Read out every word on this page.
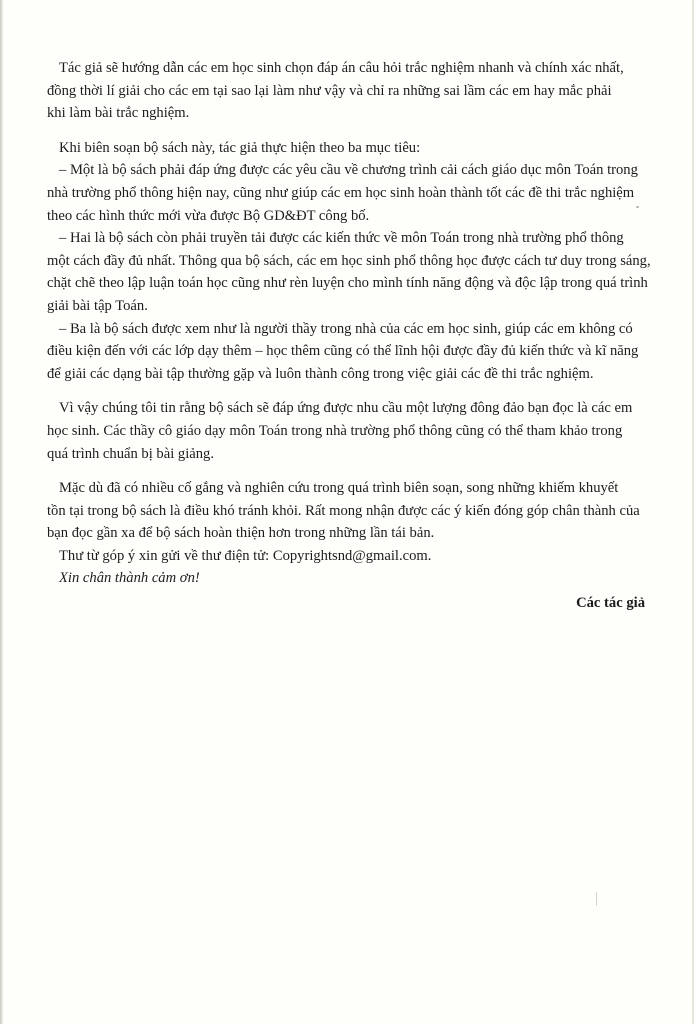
Tác giả sẽ hướng dẫn các em học sinh chọn đáp án câu hỏi trắc nghiệm nhanh và chính xác nhất,
đồng thời lí giải cho các em tại sao lại làm như vậy và chỉ ra những sai lầm các em hay mắc phải
khi làm bài trắc nghiệm.

Khi biên soạn bộ sách này, tác giả thực hiện theo ba mục tiêu:

– Một là bộ sách phải đáp ứng được các yêu cầu về chương trình cải cách giáo dục môn Toán trong
nhà trường phổ thông hiện nay, cũng như giúp các em học sinh hoàn thành tốt các đề thi trắc nghiệm
theo các hình thức mới vừa được Bộ GD&ĐT công bố.

– Hai là bộ sách còn phải truyền tải được các kiến thức về môn Toán trong nhà trường phổ thông
một cách đầy đủ nhất. Thông qua bộ sách, các em học sinh phổ thông học được cách tư duy trong sáng,
chặt chẽ theo lập luận toán học cũng như rèn luyện cho mình tính năng động và độc lập trong quá trình
giải bài tập Toán.

– Ba là bộ sách được xem như là người thầy trong nhà của các em học sinh, giúp các em không có
điều kiện đến với các lớp dạy thêm – học thêm cũng có thể lĩnh hội được đầy đủ kiến thức và kĩ năng
để giải các dạng bài tập thường gặp và luôn thành công trong việc giải các đề thi trắc nghiệm.

Vì vậy chúng tôi tin rằng bộ sách sẽ đáp ứng được nhu cầu một lượng đông đảo bạn đọc là các em
học sinh. Các thầy cô giáo dạy môn Toán trong nhà trường phổ thông cũng có thể tham khảo trong
quá trình chuẩn bị bài giảng.

Mặc dù đã có nhiều cố gắng và nghiên cứu trong quá trình biên soạn, song những khiếm khuyết
tồn tại trong bộ sách là điều khó tránh khỏi. Rất mong nhận được các ý kiến đóng góp chân thành của
bạn đọc gần xa để bộ sách hoàn thiện hơn trong những lần tái bản.

Thư từ góp ý xin gửi về thư điện tử: Copyrightsnd@gmail.com.

Xin chân thành cảm ơn!

Các tác giả
